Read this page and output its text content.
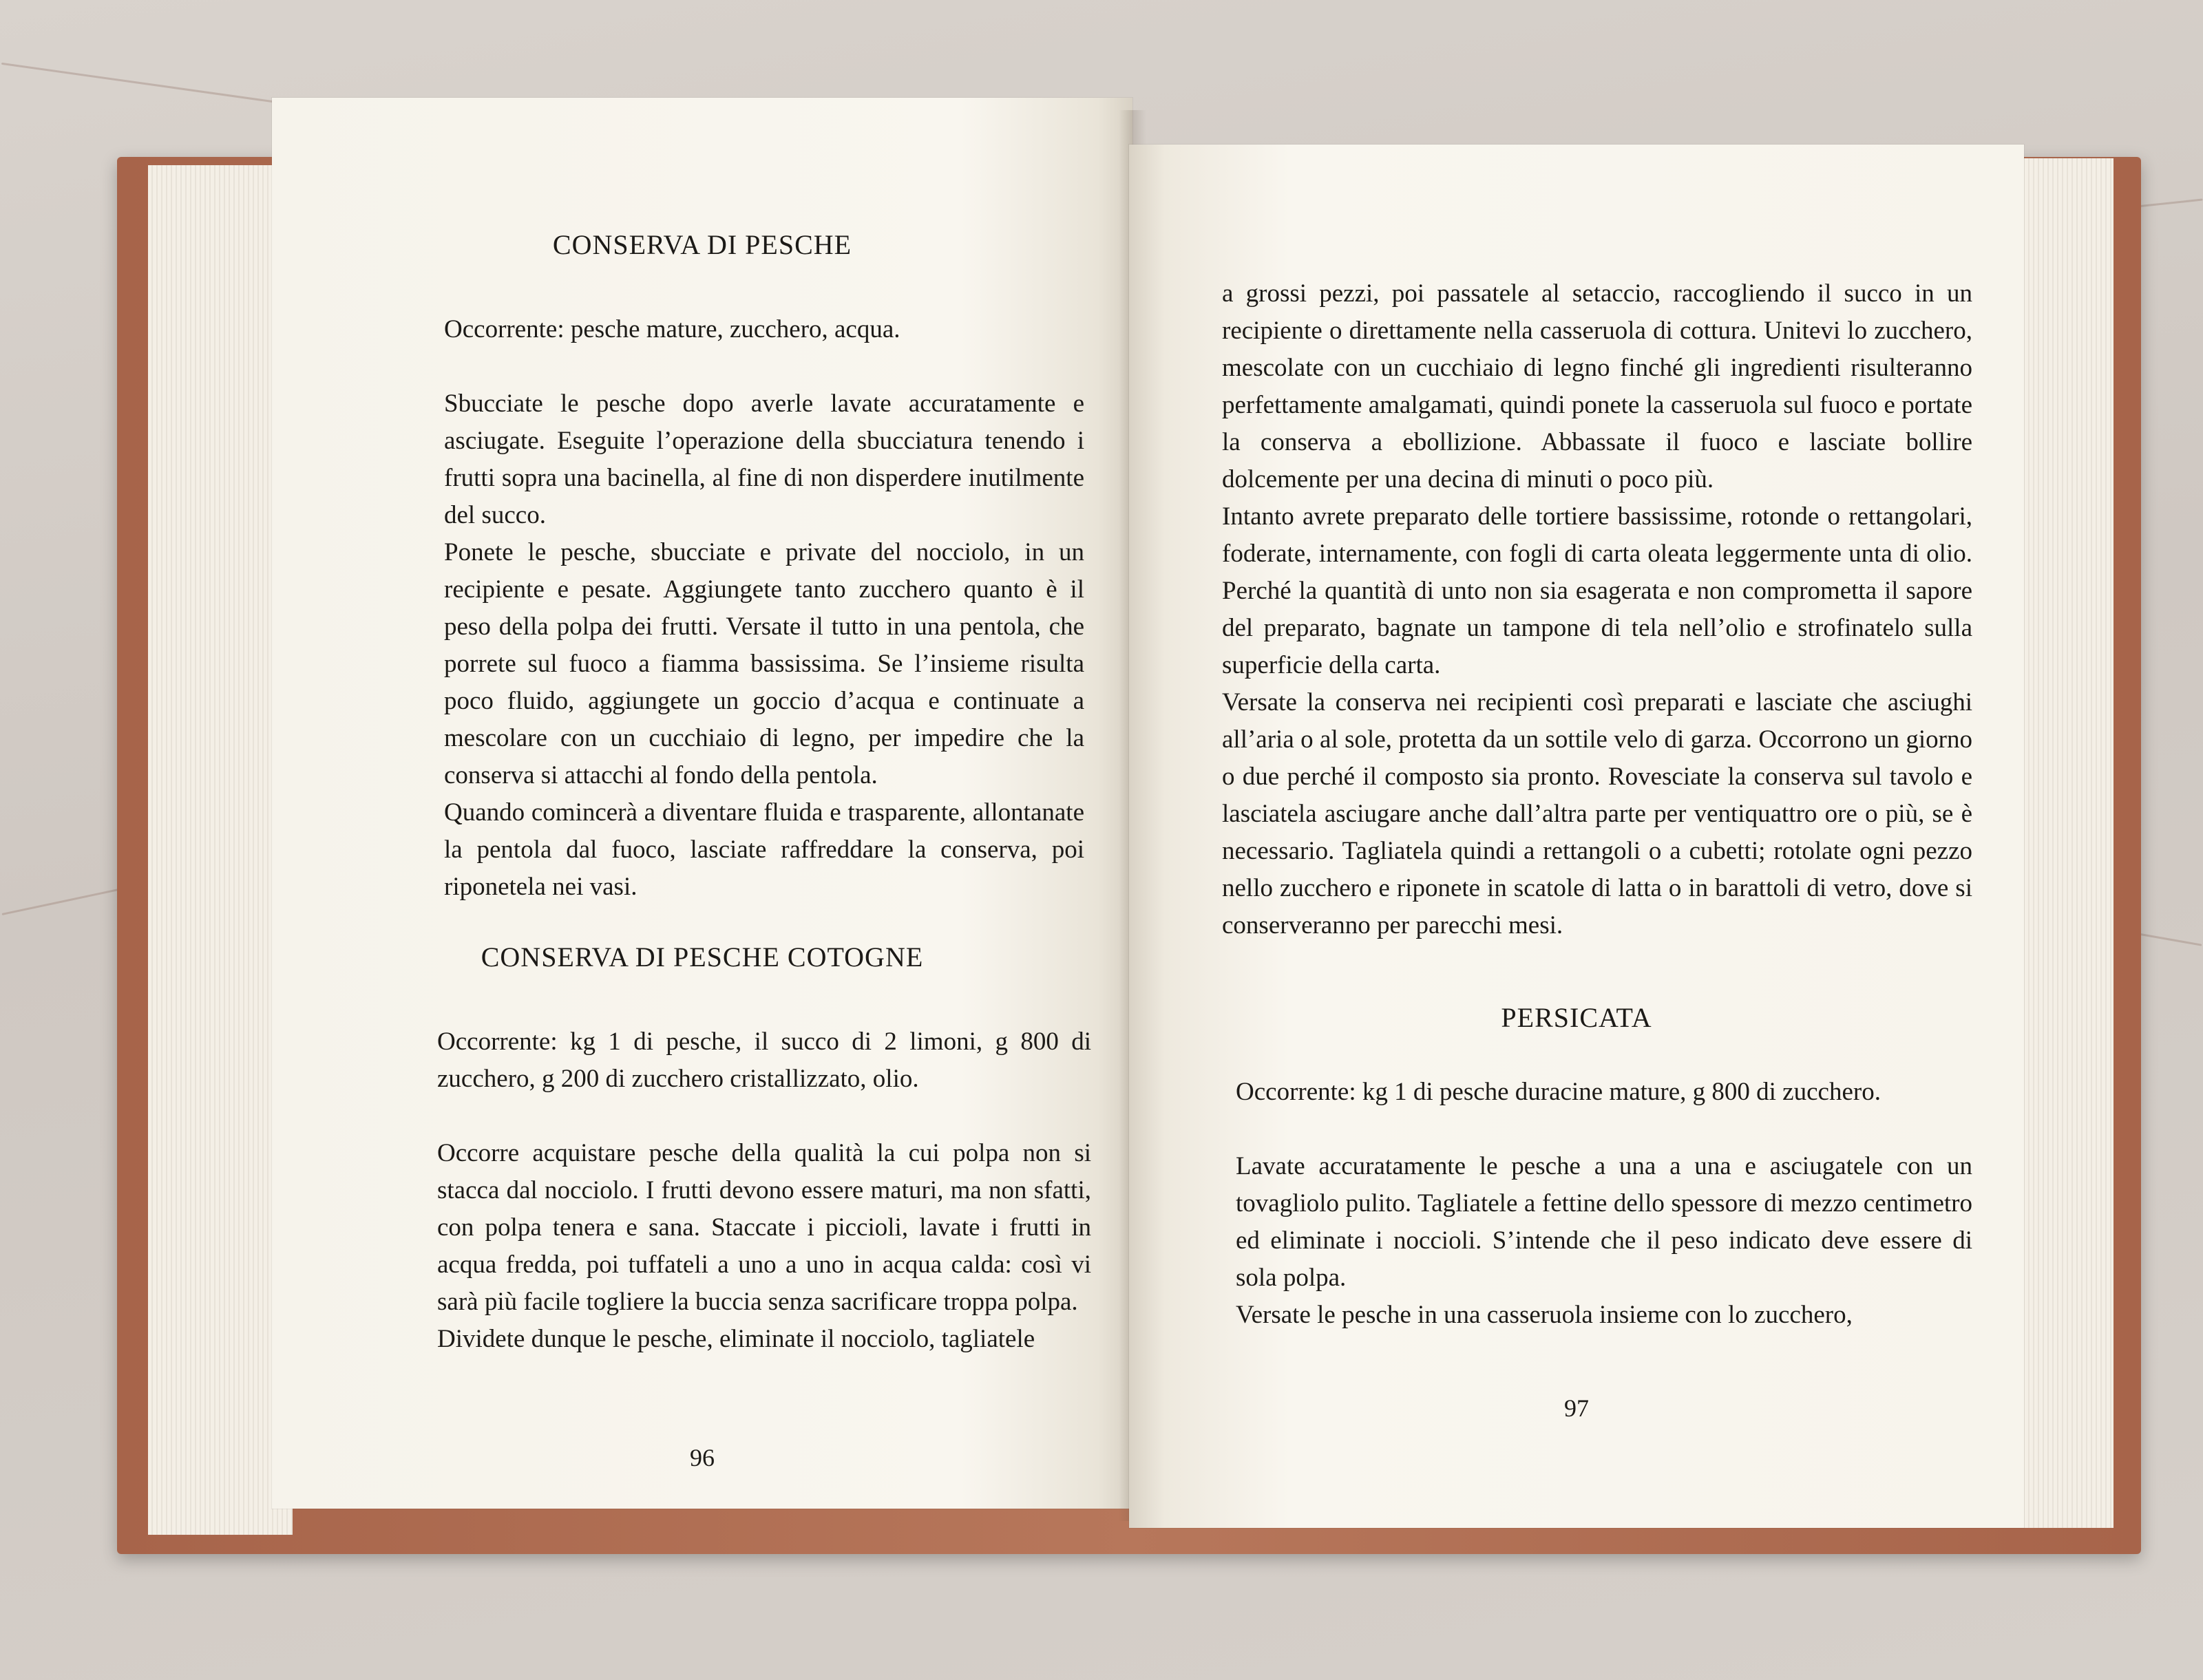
CONSERVA DI PESCHE

Occorrente: pesche mature, zucchero, acqua.

Sbucciate le pesche dopo averle lavate accuratamente e asciugate. Eseguite l’operazione della sbucciatura tenendo i frutti sopra una bacinella, al fine di non disperdere inutilmente del succo.

Ponete le pesche, sbucciate e private del nocciolo, in un recipiente e pesate. Aggiungete tanto zucchero quanto è il peso della polpa dei frutti. Versate il tutto in una pentola, che porrete sul fuoco a fiamma bassissima. Se l’insieme risulta poco fluido, aggiungete un goccio d’acqua e continuate a mescolare con un cucchiaio di legno, per impedire che la conserva si attacchi al fondo della pentola.

Quando comincerà a diventare fluida e trasparente, allontanate la pentola dal fuoco, lasciate raffreddare la conserva, poi riponetela nei vasi.

CONSERVA DI PESCHE COTOGNE

Occorrente: kg 1 di pesche, il succo di 2 limoni, g 800 di zucchero, g 200 di zucchero cristallizzato, olio.

Occorre acquistare pesche della qualità la cui polpa non si stacca dal nocciolo. I frutti devono essere maturi, ma non sfatti, con polpa tenera e sana. Staccate i piccioli, lavate i frutti in acqua fredda, poi tuffateli a uno a uno in acqua calda: così vi sarà più facile togliere la buccia senza sacrificare troppa polpa.

Dividete dunque le pesche, eliminate il nocciolo, tagliatele

96

a grossi pezzi, poi passatele al setaccio, raccogliendo il succo in un recipiente o direttamente nella casseruola di cottura. Unitevi lo zucchero, mescolate con un cucchiaio di legno finché gli ingredienti risulteranno perfettamente amalgamati, quindi ponete la casseruola sul fuoco e portate la conserva a ebollizione. Abbassate il fuoco e lasciate bollire dolcemente per una decina di minuti o poco più.

Intanto avrete preparato delle tortiere bassissime, rotonde o rettangolari, foderate, internamente, con fogli di carta oleata leggermente unta di olio. Perché la quantità di unto non sia esagerata e non comprometta il sapore del preparato, bagnate un tampone di tela nell’olio e strofinatelo sulla superficie della carta.

Versate la conserva nei recipienti così preparati e lasciate che asciughi all’aria o al sole, protetta da un sottile velo di garza. Occorrono un giorno o due perché il composto sia pronto. Rovesciate la conserva sul tavolo e lasciatela asciugare anche dall’altra parte per ventiquattro ore o più, se è necessario. Tagliatela quindi a rettangoli o a cubetti; rotolate ogni pezzo nello zucchero e riponete in scatole di latta o in barattoli di vetro, dove si conserveranno per parecchi mesi.

PERSICATA

Occorrente: kg 1 di pesche duracine mature, g 800 di zucchero.

Lavate accuratamente le pesche a una a una e asciugatele con un tovagliolo pulito. Tagliatele a fettine dello spessore di mezzo centimetro ed eliminate i noccioli. S’intende che il peso indicato deve essere di sola polpa.

Versate le pesche in una casseruola insieme con lo zucchero,

97
